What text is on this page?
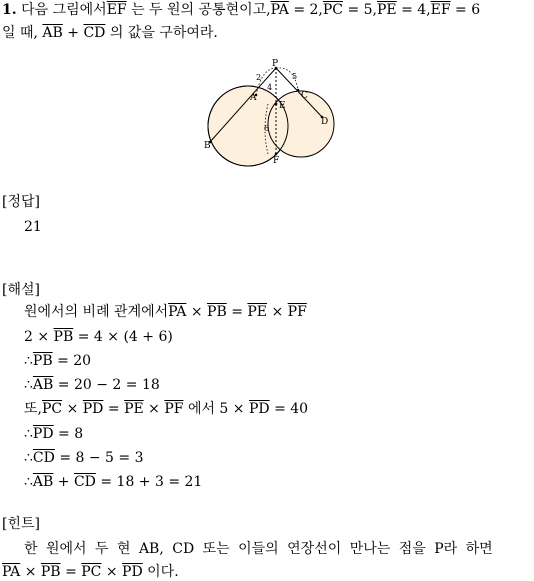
1. 다음 그림에서$\overline{EF}$ 는 두 원의 공통현이고$,\overline{PA} = 2,\overline{PC} = 5,\overline{PE} = 4,\overline{EF} = 6$
일 때, $\overline{AB} + \overline{CD}$ 의 값을 구하여라.
P
A
B
C
D
E
F
2	5
4
6
[정답]
21
[해설]
원에서의 비례 관계에서$\overline{PA} \times \overline{PB} = \overline{PE} \times \overline{PF}$
$2 \times \overline{PB} = 4 \times (4 + 6)$
$\therefore\overline{PB} = 20$
$\therefore\overline{AB} = 20 - 2 = 18$
또$,\overline{PC} \times \overline{PD} = \overline{PE} \times \overline{PF}$ 에서 $5 \times \overline{PD} = 40$
$\therefore\overline{PD} = 8$
$\therefore\overline{CD} = 8 - 5 = 3$
$\therefore\overline{AB} + \overline{CD} = 18 + 3 = 21$
[힌트]
한 원에서 두 현 AB, CD 또는 이들의 연장선이 만나는 점을 P라 하면
$\overline{PA} \times \overline{PB} = \overline{PC} \times \overline{PD}$ 이다.
